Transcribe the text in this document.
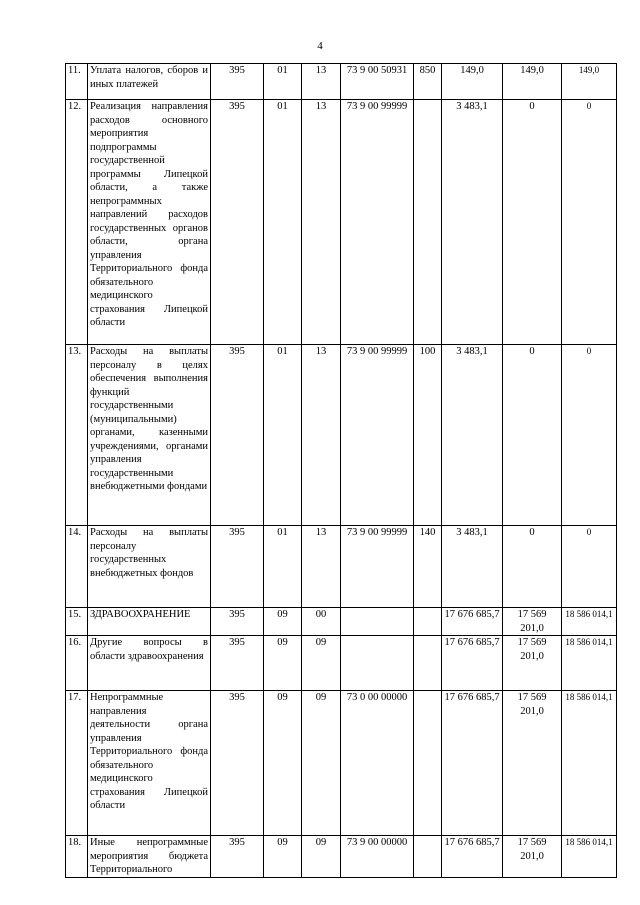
4
11.	Уплата налогов, сборов и иных платежей	395	01	13	73 9 00 50931	850	149,0	149,0	149,0
12.	Реализация направления расходов основного мероприятия подпрограммы государственной программы Липецкой области, а также непрограммных направлений расходов государственных органов области, органа управления Территориального фонда обязательного медицинского страхования Липецкой области	395	01	13	73 9 00 99999		3 483,1	0	0
13.	Расходы на выплаты персоналу в целях обеспечения выполнения функций государственными (муниципальными) органами, казенными учреждениями, органами управления государственными внебюджетными фондами	395	01	13	73 9 00 99999	100	3 483,1	0	0
14.	Расходы на выплаты персоналу государственных внебюджетных фондов	395	01	13	73 9 00 99999	140	3 483,1	0	0
15.	ЗДРАВООХРАНЕНИЕ	395	09	00			17 676 685,7	17 569 201,0	18 586 014,1
16.	Другие вопросы в области здравоохранения	395	09	09			17 676 685,7	17 569 201,0	18 586 014,1
17.	Непрограммные направления деятельности органа управления Территориального фонда обязательного медицинского страхования Липецкой области	395	09	09	73 0 00 00000		17 676 685,7	17 569 201,0	18 586 014,1
18.	Иные непрограммные мероприятия бюджета Территориального	395	09	09	73 9 00 00000		17 676 685,7	17 569 201,0	18 586 014,1
